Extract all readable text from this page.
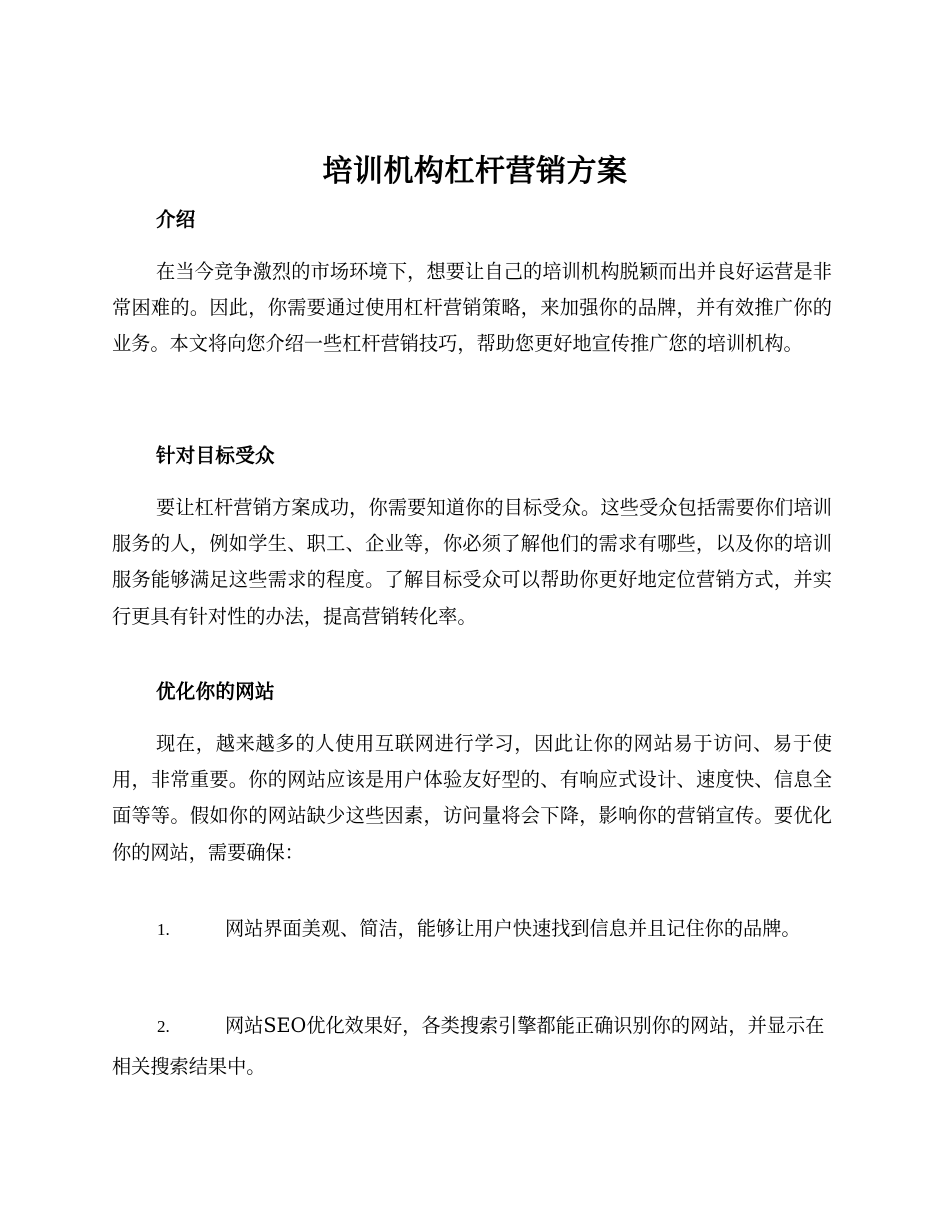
培训机构杠杆营销方案
介绍

在当今竞争激烈的市场环境下，想要让自己的培训机构脱颖而出并良好运营是非常困难的。因此，你需要通过使用杠杆营销策略，来加强你的品牌，并有效推广你的业务。本文将向您介绍一些杠杆营销技巧，帮助您更好地宣传推广您的培训机构。

针对目标受众

要让杠杆营销方案成功，你需要知道你的目标受众。这些受众包括需要你们培训服务的人，例如学生、职工、企业等，你必须了解他们的需求有哪些，以及你的培训服务能够满足这些需求的程度。了解目标受众可以帮助你更好地定位营销方式，并实行更具有针对性的办法，提高营销转化率。

优化你的网站

现在，越来越多的人使用互联网进行学习，因此让你的网站易于访问、易于使用，非常重要。你的网站应该是用户体验友好型的、有响应式设计、速度快、信息全面等等。假如你的网站缺少这些因素，访问量将会下降，影响你的营销宣传。要优化你的网站，需要确保：

1.	网站界面美观、简洁，能够让用户快速找到信息并且记住你的品牌。

2.	网站SEO优化效果好，各类搜索引擎都能正确识别你的网站，并显示在相关搜索结果中。
